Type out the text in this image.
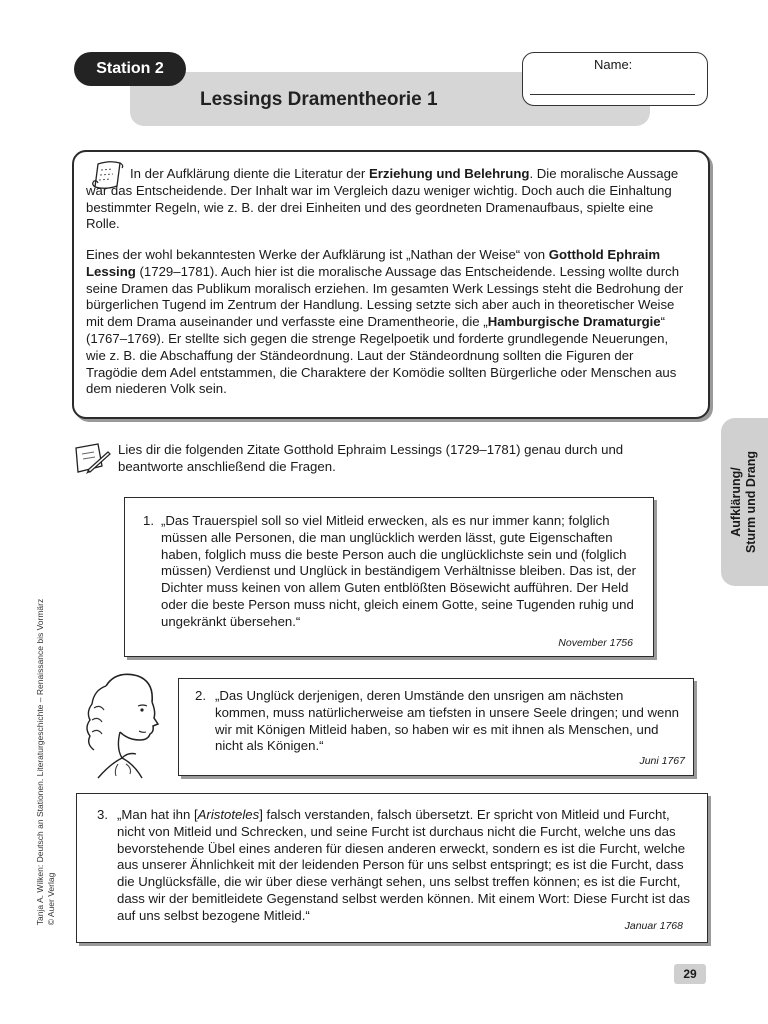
Station 2
Lessings Dramentheorie 1
Name:

In der Aufklärung diente die Literatur der Erziehung und Belehrung. Die moralische Aussage war das Entscheidende. Der Inhalt war im Vergleich dazu weniger wichtig. Doch auch die Einhaltung bestimmter Regeln, wie z. B. der drei Einheiten und des geordneten Dramenaufbaus, spielte eine Rolle.

Eines der wohl bekanntesten Werke der Aufklärung ist „Nathan der Weise“ von Gotthold Ephraim Lessing (1729–1781). Auch hier ist die moralische Aussage das Entscheidende. Lessing wollte durch seine Dramen das Publikum moralisch erziehen. Im gesamten Werk Lessings steht die Bedrohung der bürgerlichen Tugend im Zentrum der Handlung. Lessing setzte sich aber auch in theoretischer Weise mit dem Drama auseinander und verfasste eine Dramentheorie, die „Hamburgische Dramaturgie“ (1767–1769). Er stellte sich gegen die strenge Regelpoetik und forderte grundlegende Neuerungen, wie z. B. die Abschaffung der Ständeordnung. Laut der Ständeordnung sollten die Figuren der Tragödie dem Adel entstammen, die Charaktere der Komödie sollten Bürgerliche oder Menschen aus dem niederen Volk sein.

Lies dir die folgenden Zitate Gotthold Ephraim Lessings (1729–1781) genau durch und beantworte anschließend die Fragen.

1. „Das Trauerspiel soll so viel Mitleid erwecken, als es nur immer kann; folglich müssen alle Personen, die man unglücklich werden lässt, gute Eigenschaften haben, folglich muss die beste Person auch die unglücklichste sein und (folglich müssen) Verdienst und Unglück in beständigem Verhältnisse bleiben. Das ist, der Dichter muss keinen von allem Guten entblößten Bösewicht aufführen. Der Held oder die beste Person muss nicht, gleich einem Gotte, seine Tugenden ruhig und ungekränkt übersehen.“
November 1756
2. „Das Unglück derjenigen, deren Umstände den unsrigen am nächsten kommen, muss natürlicherweise am tiefsten in unsere Seele dringen; und wenn wir mit Königen Mitleid haben, so haben wir es mit ihnen als Menschen, und nicht als Königen.“
Juni 1767
3. „Man hat ihn [Aristoteles] falsch verstanden, falsch übersetzt. Er spricht von Mitleid und Furcht, nicht von Mitleid und Schrecken, und seine Furcht ist durchaus nicht die Furcht, welche uns das bevorstehende Übel eines anderen für diesen anderen erweckt, sondern es ist die Furcht, welche aus unserer Ähnlichkeit mit der leidenden Person für uns selbst entspringt; es ist die Furcht, dass die Unglücksfälle, die wir über diese verhängt sehen, uns selbst treffen können; es ist die Furcht, dass wir der bemitleidete Gegenstand selbst werden können. Mit einem Wort: Diese Furcht ist das auf uns selbst bezogene Mitleid.“
Januar 1768
Aufklärung/ Sturm und Drang
Tanja A. Wilken: Deutsch an Stationen. Literaturgeschichte – Renaissance bis Vormärz © Auer Verlag
29
